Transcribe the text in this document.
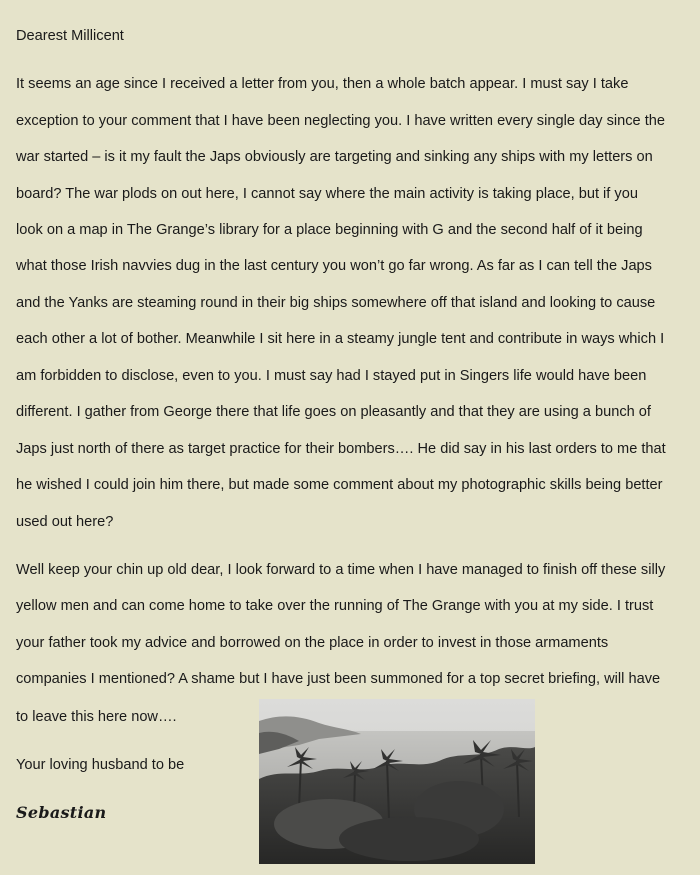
Dearest Millicent
It seems an age since I received a letter from you, then a whole batch appear. I must say I take
exception to your comment that I have been neglecting you. I have written every single day since the
war started – is it my fault the Japs obviously are targeting and sinking any ships with my letters on
board? The war plods on out here, I cannot say where the main activity is taking place, but if you
look on a map in The Grange’s library for a place beginning with G and the second half of it being
what those Irish navvies dug in the last century you won’t go far wrong. As far as I can tell the Japs
and the Yanks are steaming round in their big ships somewhere off that island and looking to cause
each other a lot of bother. Meanwhile I sit here in a steamy jungle tent and contribute in ways which I
am forbidden to disclose, even to you. I must say had I stayed put in Singers life would have been
different. I gather from George there that life goes on pleasantly and that they are using a bunch of
Japs just north of there as target practice for their bombers…. He did say in his last orders to me that
he wished I could join him there, but made some comment about my photographic skills being better
used out here?
Well keep your chin up old dear, I look forward to a time when I have managed to finish off these silly
yellow men and can come home to take over the running of The Grange with you at my side. I trust
your father took my advice and borrowed on the place in order to invest in those armaments
companies I mentioned? A shame but I have just been summoned for a top secret briefing, will have
to leave this here now….
Your loving husband to be
Sebastian
